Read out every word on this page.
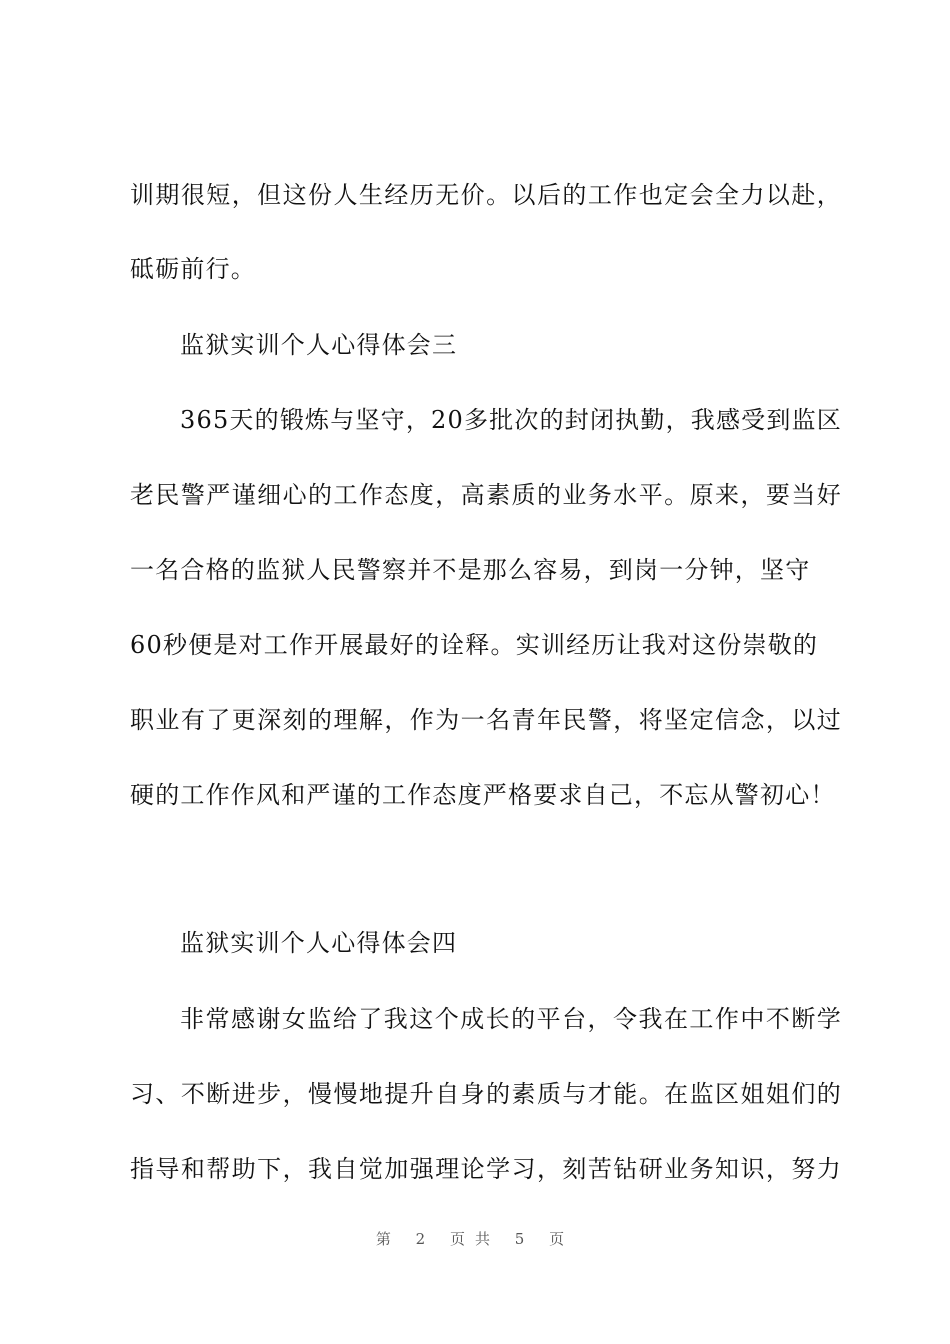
训期很短，但这份人生经历无价。以后的工作也定会全力以赴，
砥砺前行。
监狱实训个人心得体会三
365天的锻炼与坚守，20多批次的封闭执勤，我感受到监区
老民警严谨细心的工作态度，高素质的业务水平。原来，要当好
一名合格的监狱人民警察并不是那么容易，到岗一分钟，坚守
60秒便是对工作开展最好的诠释。实训经历让我对这份崇敬的
职业有了更深刻的理解，作为一名青年民警，将坚定信念，以过
硬的工作作风和严谨的工作态度严格要求自己，不忘从警初心！
监狱实训个人心得体会四
非常感谢女监给了我这个成长的平台，令我在工作中不断学
习、不断进步，慢慢地提升自身的素质与才能。在监区姐姐们的
指导和帮助下，我自觉加强理论学习，刻苦钻研业务知识，努力
第 2 页共 5 页
